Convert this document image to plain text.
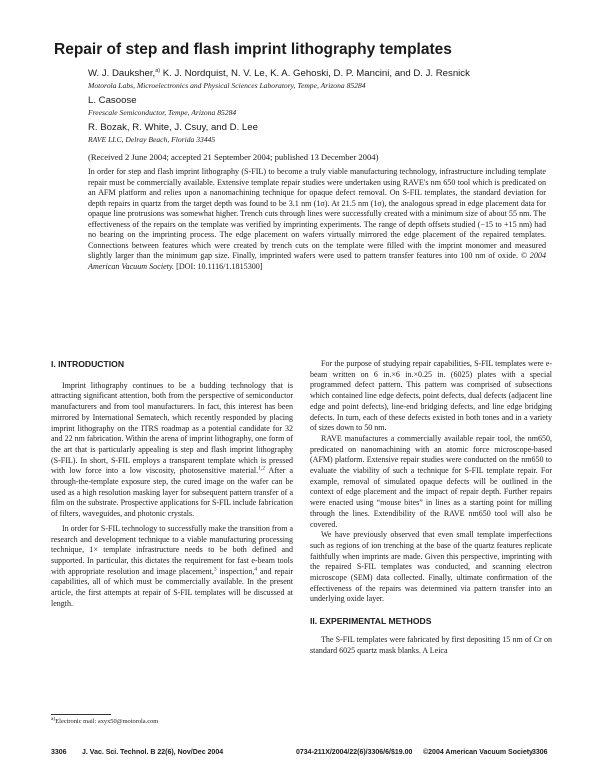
Repair of step and flash imprint lithography templates
W. J. Dauksher,$^{a)}$ K. J. Nordquist, N. V. Le, K. A. Gehoski, D. P. Mancini, and D. J. Resnick
Motorola Labs, Microelectronics and Physical Sciences Laboratory, Tempe, Arizona 85284
L. Casoose
Freescale Semiconductor, Tempe, Arizona 85284
R. Bozak, R. White, J. Csuy, and D. Lee
RAVE LLC, Delray Beach, Florida 33445
(Received 2 June 2004; accepted 21 September 2004; published 13 December 2004)

In order for step and flash imprint lithography (S-FIL) to become a truly viable manufacturing technology, infrastructure including template repair must be commercially available. Extensive template repair studies were undertaken using RAVE's nm 650 tool which is predicated on an AFM platform and relies upon a nanomachining technique for opaque defect removal. On S-FIL templates, the standard deviation for depth repairs in quartz from the target depth was found to be 3.1 nm (1σ). At 21.5 nm (1σ), the analogous spread in edge placement data for opaque line protrusions was somewhat higher. Trench cuts through lines were successfully created with a minimum size of about 55 nm. The effectiveness of the repairs on the template was verified by imprinting experiments. The range of depth offsets studied (−15 to +15 nm) had no bearing on the imprinting process. The edge placement on wafers virtually mirrored the edge placement of the repaired templates. Connections between features which were created by trench cuts on the template were filled with the imprint monomer and measured slightly larger than the minimum gap size. Finally, imprinted wafers were used to pattern transfer features into 100 nm of oxide. © 2004 American Vacuum Society. [DOI: 10.1116/1.1815300]

I. INTRODUCTION

Imprint lithography continues to be a budding technology that is attracting significant attention, both from the perspective of semiconductor manufacturers and from tool manufacturers. In fact, this interest has been mirrored by International Sematech, which recently responded by placing imprint lithography on the ITRS roadmap as a potential candidate for 32 and 22 nm fabrication. Within the arena of imprint lithography, one form of the art that is particularly appealing is step and flash imprint lithography (S-FIL). In short, S-FIL employs a transparent template which is pressed with low force into a low viscosity, photosensitive material.$^{1,2}$ After a through-the-template exposure step, the cured image on the wafer can be used as a high resolution masking layer for subsequent pattern transfer of a film on the substrate. Prospective applications for S-FIL include fabrication of filters, waveguides, and photonic crystals.

In order for S-FIL technology to successfully make the transition from a research and development technique to a viable manufacturing processing technique, 1× template infrastructure needs to be both defined and supported. In particular, this dictates the requirement for fast e-beam tools with appropriate resolution and image placement,$^3$ inspection,$^4$ and repair capabilities, all of which must be commercially available. In the present article, the first attempts at repair of S-FIL templates will be discussed at length.

For the purpose of studying repair capabilities, S-FIL templates were e-beam written on 6 in.×6 in.×0.25 in. (6025) plates with a special programmed defect pattern. This pattern was comprised of subsections which contained line edge defects, point defects, dual defects (adjacent line edge and point defects), line-end bridging defects, and line edge bridging defects. In turn, each of these defects existed in both tones and in a variety of sizes down to 50 nm.

RAVE manufactures a commercially available repair tool, the nm650, predicated on nanomachining with an atomic force microscope-based (AFM) platform. Extensive repair studies were conducted on the nm650 to evaluate the viability of such a technique for S-FIL template repair. For example, removal of simulated opaque defects will be outlined in the context of edge placement and the impact of repair depth. Further repairs were enacted using “mouse bites” in lines as a starting point for milling through the lines. Extendibility of the RAVE nm650 tool will also be covered.

We have previously observed that even small template imperfections such as regions of ion trenching at the base of the quartz features replicate faithfully when imprints are made. Given this perspective, imprinting with the repaired S-FIL templates was conducted, and scanning electron microscope (SEM) data collected. Finally, ultimate confirmation of the effectiveness of the repairs was determined via pattern transfer into an underlying oxide layer.

II. EXPERIMENTAL METHODS

The S-FIL templates were fabricated by first depositing 15 nm of Cr on standard 6025 quartz mask blanks. A Leica

$^{a)}$Electronic mail: axyx50@motorola.com
3306 J. Vac. Sci. Technol. B 22(6), Nov/Dec 2004	0734-211X/2004/22(6)/3306/6/$19.00 ©2004 American Vacuum Society 3306
